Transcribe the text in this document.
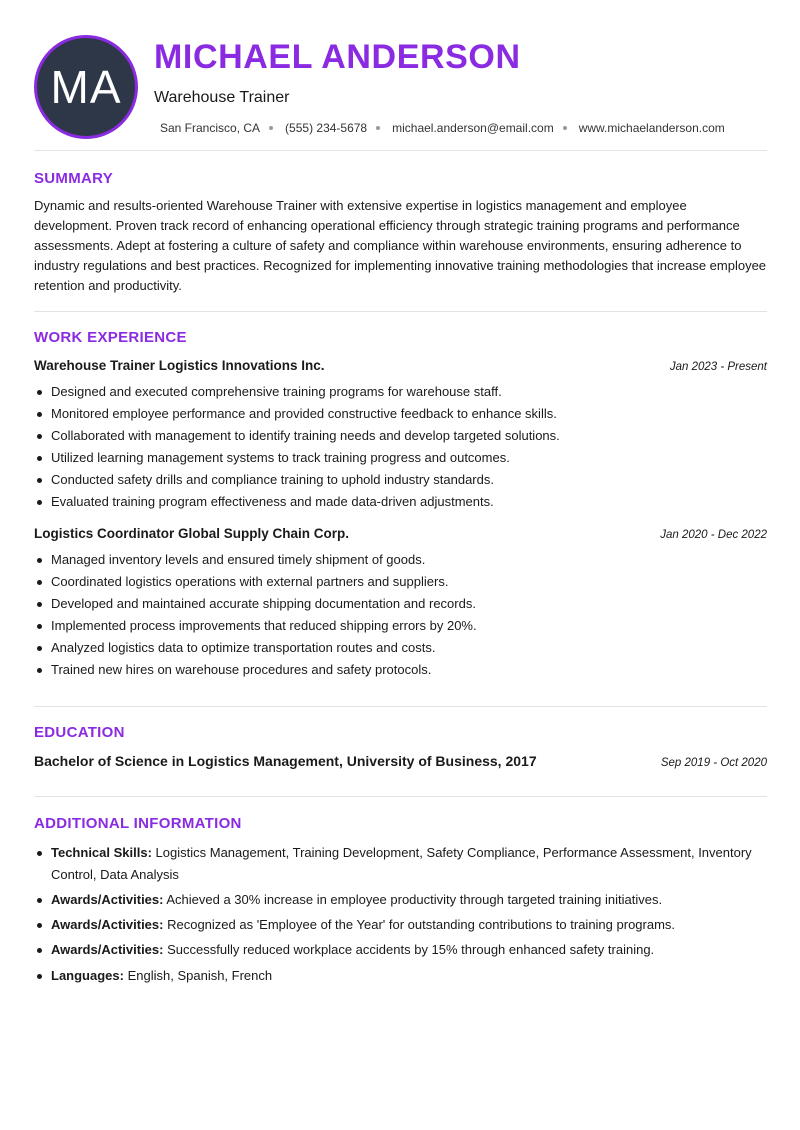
MA
MICHAEL ANDERSON
Warehouse Trainer
San Francisco, CA (555) 234-5678 michael.anderson@email.com www.michaelanderson.com
SUMMARY

Dynamic and results-oriented Warehouse Trainer with extensive expertise in logistics management and employee development. Proven track record of enhancing operational efficiency through strategic training programs and performance assessments. Adept at fostering a culture of safety and compliance within warehouse environments, ensuring adherence to industry regulations and best practices. Recognized for implementing innovative training methodologies that increase employee retention and productivity.

WORK EXPERIENCE
Warehouse Trainer Logistics Innovations Inc.	Jan 2023 - Present
Designed and executed comprehensive training programs for warehouse staff.
Monitored employee performance and provided constructive feedback to enhance skills.
Collaborated with management to identify training needs and develop targeted solutions.
Utilized learning management systems to track training progress and outcomes.
Conducted safety drills and compliance training to uphold industry standards.
Evaluated training program effectiveness and made data-driven adjustments.
Logistics Coordinator Global Supply Chain Corp.	Jan 2020 - Dec 2022
Managed inventory levels and ensured timely shipment of goods.
Coordinated logistics operations with external partners and suppliers.
Developed and maintained accurate shipping documentation and records.
Implemented process improvements that reduced shipping errors by 20%.
Analyzed logistics data to optimize transportation routes and costs.
Trained new hires on warehouse procedures and safety protocols.
EDUCATION
Bachelor of Science in Logistics Management, University of Business, 2017	Sep 2019 - Oct 2020
ADDITIONAL INFORMATION
Technical Skills: Logistics Management, Training Development, Safety Compliance, Performance Assessment, Inventory Control, Data Analysis
Awards/Activities: Achieved a 30% increase in employee productivity through targeted training initiatives.
Awards/Activities: Recognized as 'Employee of the Year' for outstanding contributions to training programs.
Awards/Activities: Successfully reduced workplace accidents by 15% through enhanced safety training.
Languages: English, Spanish, French
